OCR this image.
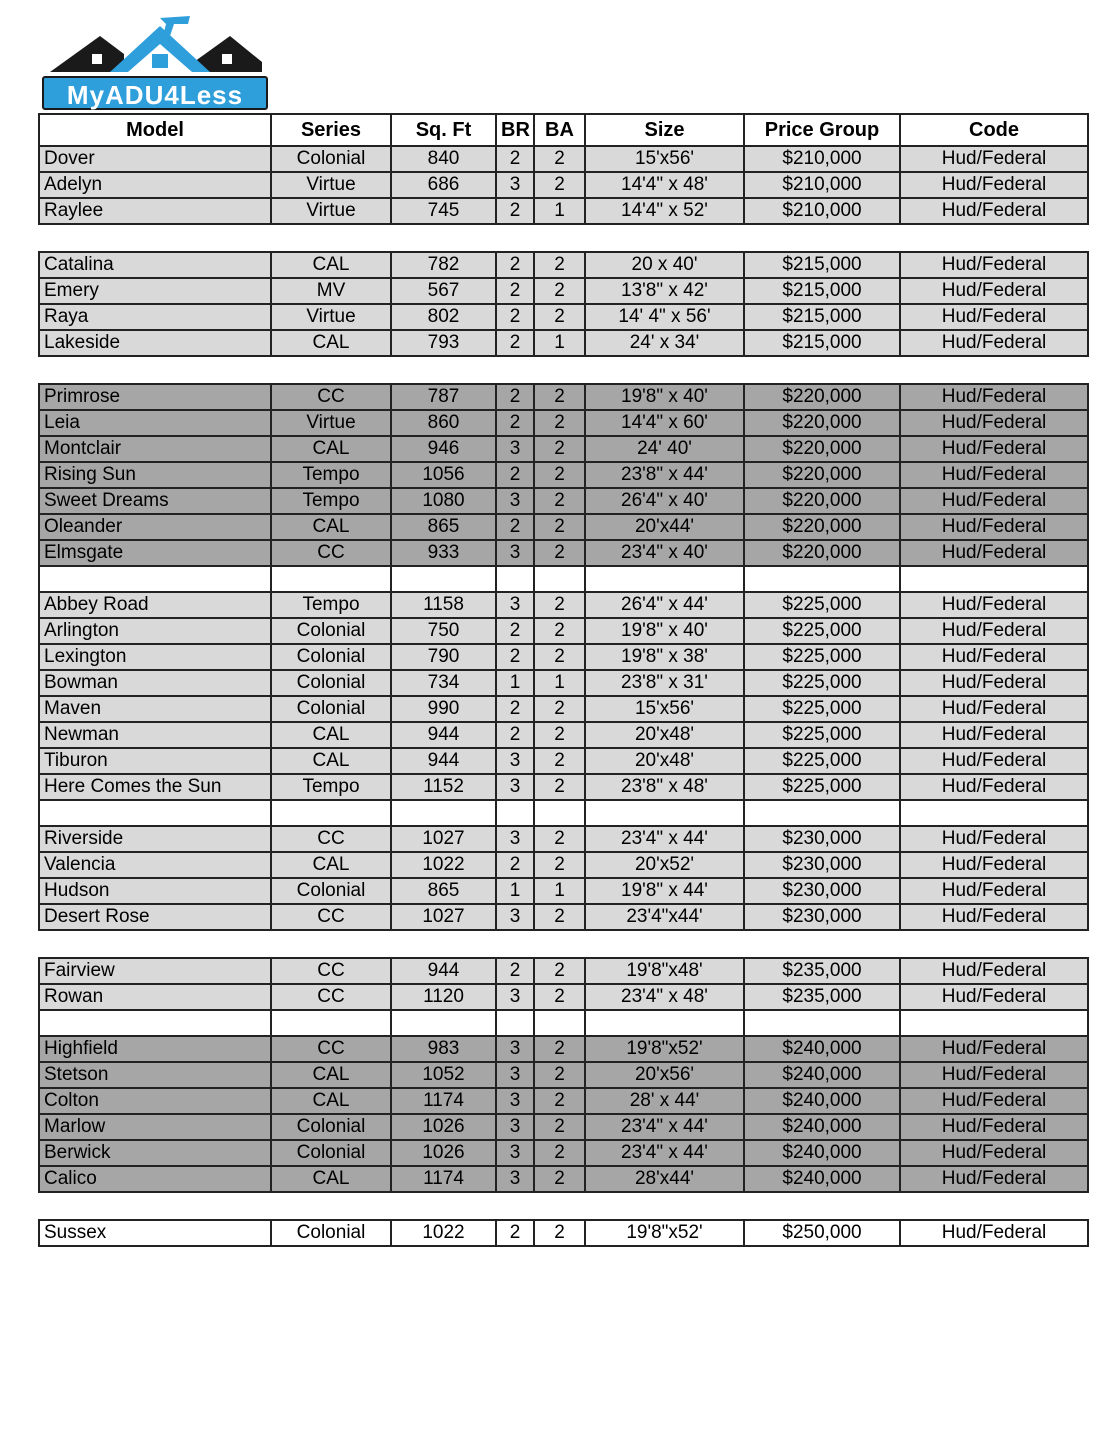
MyADU4Less
Model	Series	Sq. Ft	BR	BA	Size	Price Group	Code
Dover	Colonial	840	2	2	15'x56'	$210,000	Hud/Federal
Adelyn	Virtue	686	3	2	14'4" x 48'	$210,000	Hud/Federal
Raylee	Virtue	745	2	1	14'4" x 52'	$210,000	Hud/Federal

Catalina	CAL	782	2	2	20 x 40'	$215,000	Hud/Federal
Emery	MV	567	2	2	13'8" x 42'	$215,000	Hud/Federal
Raya	Virtue	802	2	2	14' 4" x 56'	$215,000	Hud/Federal
Lakeside	CAL	793	2	1	24' x 34'	$215,000	Hud/Federal

Primrose	CC	787	2	2	19'8" x 40'	$220,000	Hud/Federal
Leia	Virtue	860	2	2	14'4" x 60'	$220,000	Hud/Federal
Montclair	CAL	946	3	2	24' 40'	$220,000	Hud/Federal
Rising Sun	Tempo	1056	2	2	23'8" x 44'	$220,000	Hud/Federal
Sweet Dreams	Tempo	1080	3	2	26'4" x 40'	$220,000	Hud/Federal
Oleander	CAL	865	2	2	20'x44'	$220,000	Hud/Federal
Elmsgate	CC	933	3	2	23'4" x 40'	$220,000	Hud/Federal

Abbey Road	Tempo	1158	3	2	26'4" x 44'	$225,000	Hud/Federal
Arlington	Colonial	750	2	2	19'8" x 40'	$225,000	Hud/Federal
Lexington	Colonial	790	2	2	19'8" x 38'	$225,000	Hud/Federal
Bowman	Colonial	734	1	1	23'8" x 31'	$225,000	Hud/Federal
Maven	Colonial	990	2	2	15'x56'	$225,000	Hud/Federal
Newman	CAL	944	2	2	20'x48'	$225,000	Hud/Federal
Tiburon	CAL	944	3	2	20'x48'	$225,000	Hud/Federal
Here Comes the Sun	Tempo	1152	3	2	23'8" x 48'	$225,000	Hud/Federal

Riverside	CC	1027	3	2	23'4" x 44'	$230,000	Hud/Federal
Valencia	CAL	1022	2	2	20'x52'	$230,000	Hud/Federal
Hudson	Colonial	865	1	1	19'8" x 44'	$230,000	Hud/Federal
Desert Rose	CC	1027	3	2	23'4"x44'	$230,000	Hud/Federal

Fairview	CC	944	2	2	19'8"x48'	$235,000	Hud/Federal
Rowan	CC	1120	3	2	23'4" x 48'	$235,000	Hud/Federal

Highfield	CC	983	3	2	19'8"x52'	$240,000	Hud/Federal
Stetson	CAL	1052	3	2	20'x56'	$240,000	Hud/Federal
Colton	CAL	1174	3	2	28' x 44'	$240,000	Hud/Federal
Marlow	Colonial	1026	3	2	23'4" x 44'	$240,000	Hud/Federal
Berwick	Colonial	1026	3	2	23'4" x 44'	$240,000	Hud/Federal
Calico	CAL	1174	3	2	28'x44'	$240,000	Hud/Federal

Sussex	Colonial	1022	2	2	19'8"x52'	$250,000	Hud/Federal
